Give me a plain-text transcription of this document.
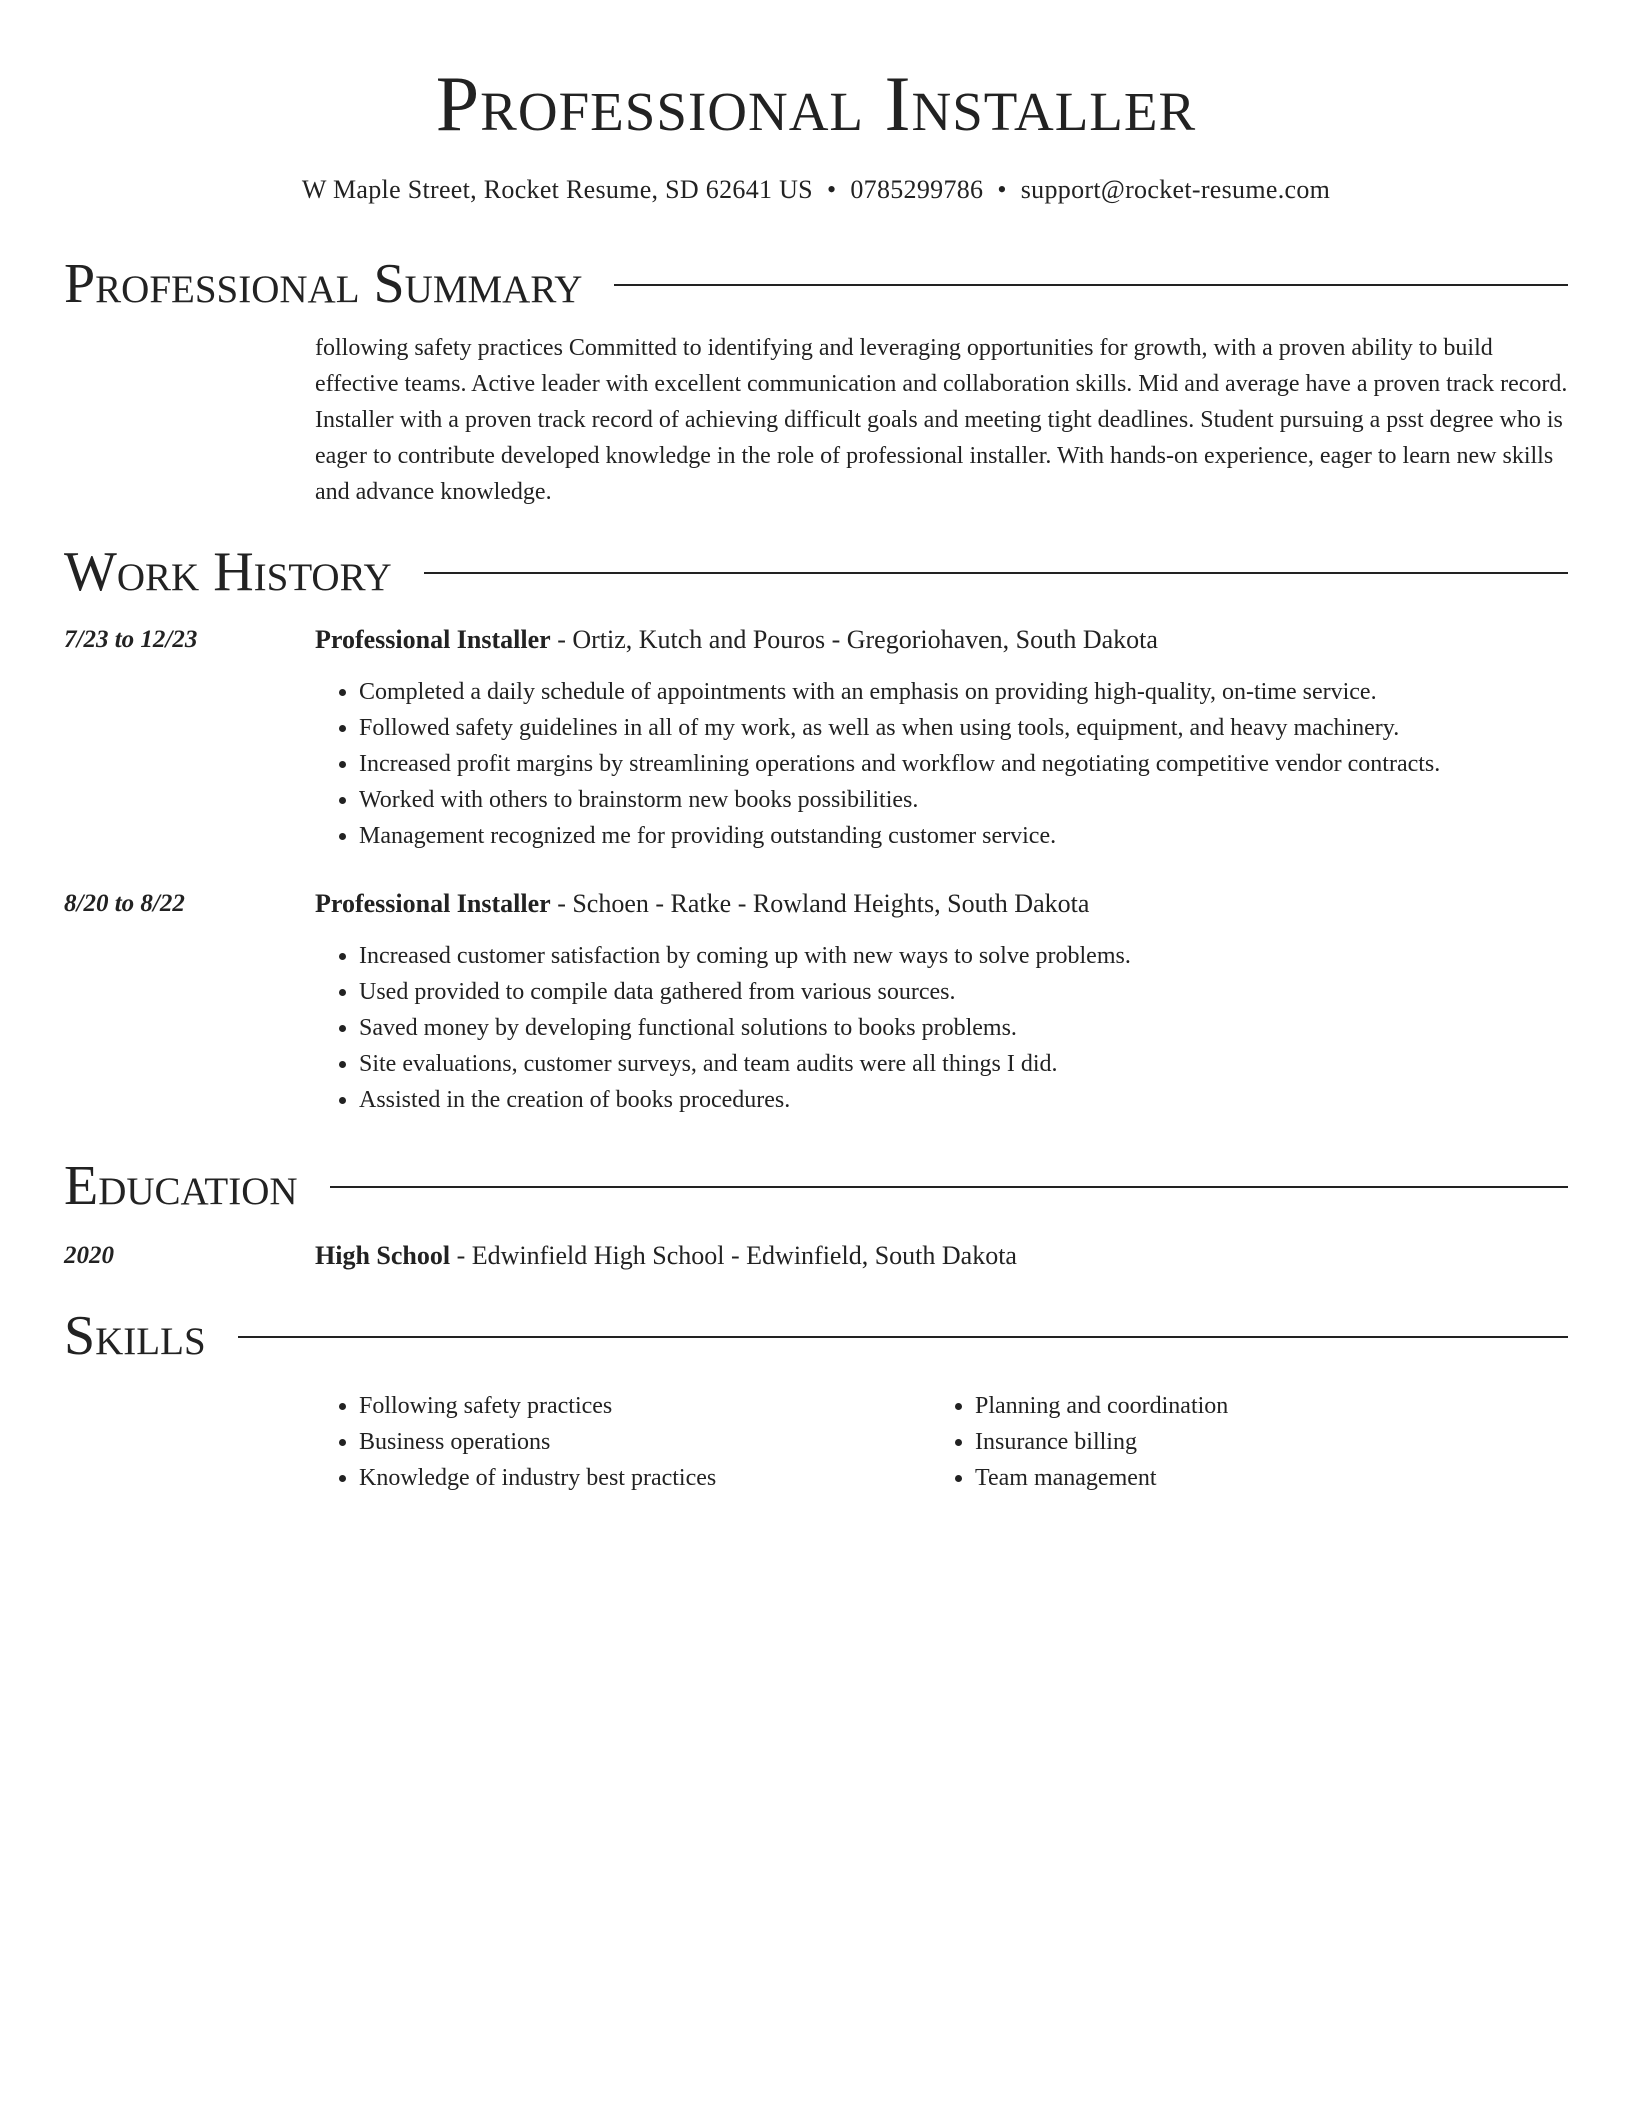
Professional Installer
W Maple Street, Rocket Resume, SD 62641 US • 0785299786 • support@rocket-resume.com
Professional Summary

following safety practices Committed to identifying and leveraging opportunities for growth, with a proven ability to build effective teams. Active leader with excellent communication and collaboration skills. Mid and average have a proven track record. Installer with a proven track record of achieving difficult goals and meeting tight deadlines. Student pursuing a psst degree who is eager to contribute developed knowledge in the role of professional installer. With hands-on experience, eager to learn new skills and advance knowledge.

Work History
7/23 to 12/23	Professional Installer - Ortiz, Kutch and Pouros - Gregoriohaven, South Dakota
• Completed a daily schedule of appointments with an emphasis on providing high-quality, on-time service.
• Followed safety guidelines in all of my work, as well as when using tools, equipment, and heavy machinery.
• Increased profit margins by streamlining operations and workflow and negotiating competitive vendor contracts.
• Worked with others to brainstorm new books possibilities.
• Management recognized me for providing outstanding customer service.
8/20 to 8/22	Professional Installer - Schoen - Ratke - Rowland Heights, South Dakota
• Increased customer satisfaction by coming up with new ways to solve problems.
• Used provided to compile data gathered from various sources.
• Saved money by developing functional solutions to books problems.
• Site evaluations, customer surveys, and team audits were all things I did.
• Assisted in the creation of books procedures.
Education
2020	High School - Edwinfield High School - Edwinfield, South Dakota
Skills
• Following safety practices
• Business operations
• Knowledge of industry best practices
• Planning and coordination
• Insurance billing
• Team management
